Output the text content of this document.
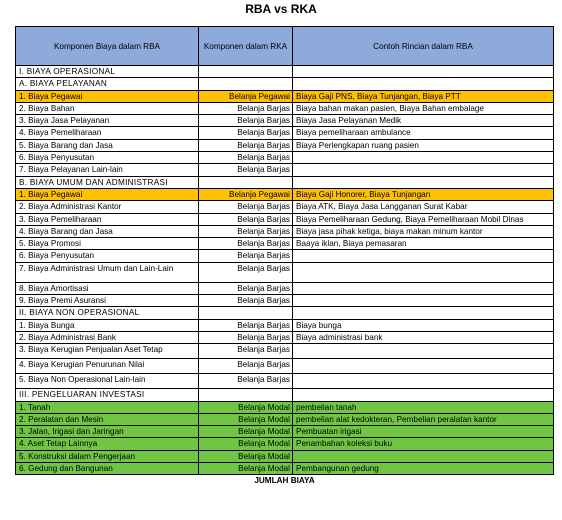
RBA vs RKA
Komponen Biaya dalam RBA	Komponen dalam RKA	Contoh Rincian dalam RBA
I. BIAYA OPERASIONAL		
A. BIAYA PELAYANAN		
1. Biaya Pegawai	Belanja Pegawai	Biaya Gaji PNS, Biaya Tunjangan, Biaya PTT
2. Biaya Bahan	Belanja Barjas	Biaya bahan makan pasien, Biaya Bahan embalage
3. Biaya Jasa Pelayanan	Belanja Barjas	Biaya Jasa Pelayanan Medik
4. Biaya Pemeliharaan	Belanja Barjas	Biaya pemeliharaan ambulance
5. Biaya Barang dan Jasa	Belanja Barjas	Biaya Perlengkapan ruang pasien
6. Biaya Penyusutan	Belanja Barjas	
7. Biaya Pelayanan Lain-lain	Belanja Barjas	
B. BIAYA UMUM DAN ADMINISTRASI		
1. Biaya Pegawai	Belanja Pegawai	Biaya Gaji Honorer, Biaya Tunjangan
2. Biaya Administrasi Kantor	Belanja Barjas	Biaya ATK, Biaya Jasa Langganan Surat Kabar
3. Biaya Pemeliharaan	Belanja Barjas	Biaya Pemeliharaan Gedung, Biaya Pemeliharaan Mobil Dinas
4. Biaya Barang dan Jasa	Belanja Barjas	Biaya jasa pihak ketiga, biaya makan minum kantor
5. Biaya Promosi	Belanja Barjas	Baaya iklan, Biaya pemasaran
6. Biaya Penyusutan	Belanja Barjas	
7. Biaya Administrasi Umum dan Lain-Lain	Belanja Barjas	
8. Biaya Amortisasi	Belanja Barjas	
9. Biaya Premi Asuransi	Belanja Barjas	
II. BIAYA NON OPERASIONAL		
1. Biaya Bunga	Belanja Barjas	Biaya bunga
2. Biaya Administrasi Bank	Belanja Barjas	Biaya administrasi bank
3. Biaya Kerugian Penjualan Aset Tetap	Belanja Barjas	
4. Biaya Kerugian Penurunan Nilai	Belanja Barjas	
5. Biaya Non Operasional Lain-lain	Belanja Barjas	
III. PENGELUARAN INVESTASI		
1. Tanah	Belanja Modal	pembelian tanah
2. Peralatan dan Mesin	Belanja Modal	pembelian alat kedokteran, Pembelian peralatan kantor
3. Jalan, Irigasi dan Jaringan	Belanja Modal	Pembuatan irigasi
4. Aset Tetap Lainnya	Belanja Modal	Penambahan koleksi buku
5. Konstruksi dalam Pengerjaan	Belanja Modal	
6. Gedung dan Bangunan	Belanja Modal	Pembangunan gedung
JUMLAH BIAYA		
